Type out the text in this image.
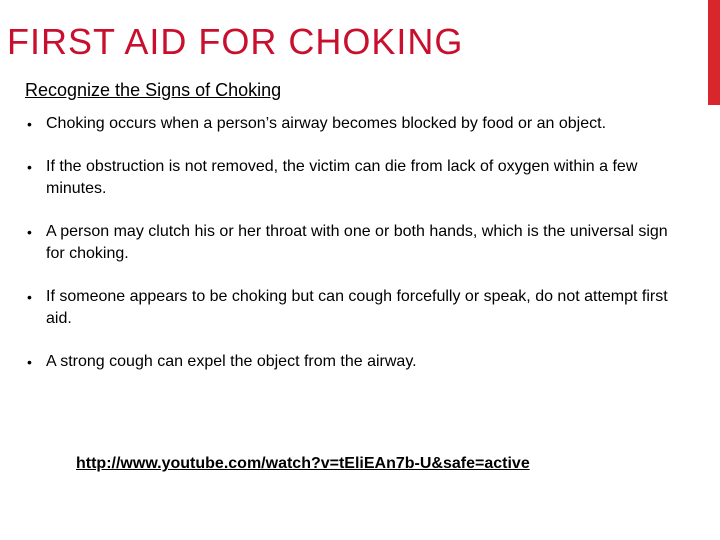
FIRST AID FOR CHOKING

Recognize the Signs of Choking

• Choking occurs when a person’s airway becomes blocked by food or an object.
• If the obstruction is not removed, the victim can die from lack of oxygen within a few minutes.
• A person may clutch his or her throat with one or both hands, which is the universal sign for choking.
• If someone appears to be choking but can cough forcefully or speak, do not attempt first aid.
• A strong cough can expel the object from the airway.
http://www.youtube.com/watch?v=tEliEAn7b-U&safe=active
